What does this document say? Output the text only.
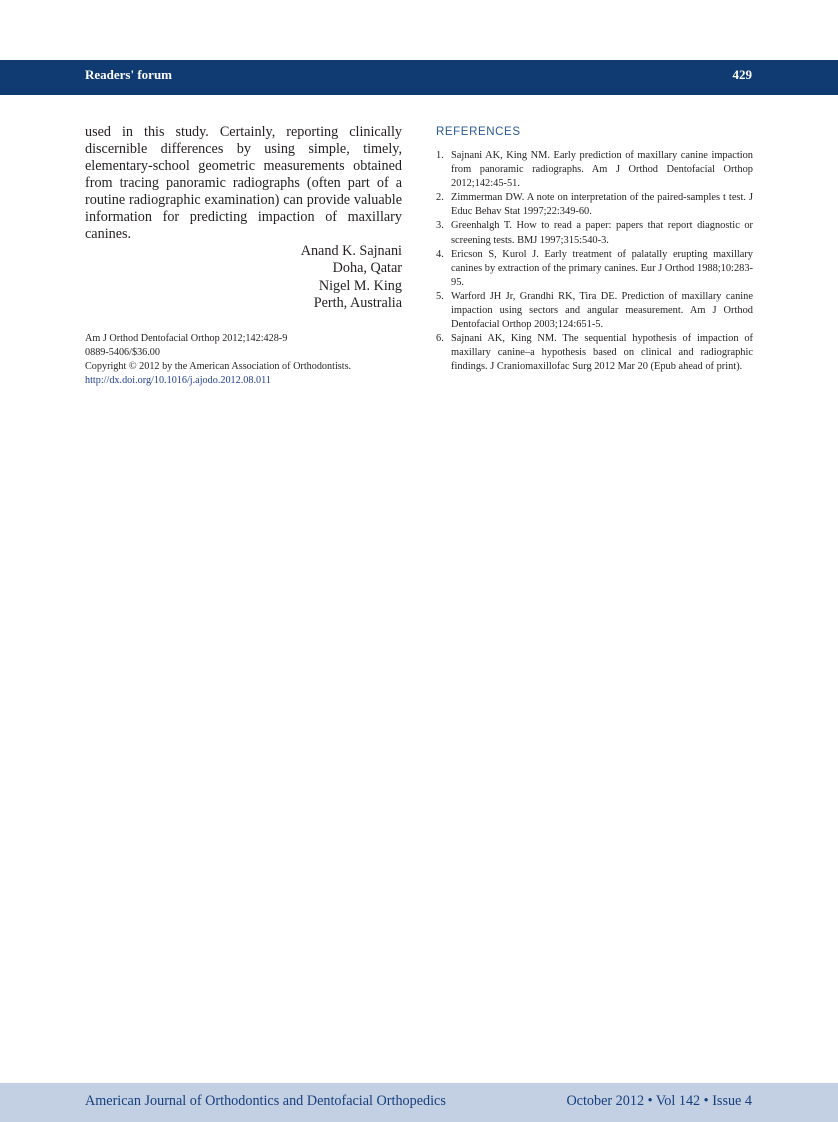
Readers' forum	429

used in this study. Certainly, reporting clinically discernible differences by using simple, timely, elementary-school geometric measurements obtained from tracing panoramic radiographs (often part of a routine radiographic examination) can provide valuable information for predicting impaction of maxillary canines.

Anand K. Sajnani
Doha, Qatar
Nigel M. King
Perth, Australia
Am J Orthod Dentofacial Orthop 2012;142:428-9
0889-5406/$36.00
Copyright © 2012 by the American Association of Orthodontists.
http://dx.doi.org/10.1016/j.ajodo.2012.08.011
REFERENCES
1. Sajnani AK, King NM. Early prediction of maxillary canine impaction from panoramic radiographs. Am J Orthod Dentofacial Orthop 2012;142:45-51.
2. Zimmerman DW. A note on interpretation of the paired-samples t test. J Educ Behav Stat 1997;22:349-60.
3. Greenhalgh T. How to read a paper: papers that report diagnostic or screening tests. BMJ 1997;315:540-3.
4. Ericson S, Kurol J. Early treatment of palatally erupting maxillary canines by extraction of the primary canines. Eur J Orthod 1988;10:283-95.
5. Warford JH Jr, Grandhi RK, Tira DE. Prediction of maxillary canine impaction using sectors and angular measurement. Am J Orthod Dentofacial Orthop 2003;124:651-5.
6. Sajnani AK, King NM. The sequential hypothesis of impaction of maxillary canine–a hypothesis based on clinical and radiographic findings. J Craniomaxillofac Surg 2012 Mar 20 (Epub ahead of print).
American Journal of Orthodontics and Dentofacial Orthopedics	October 2012 • Vol 142 • Issue 4
